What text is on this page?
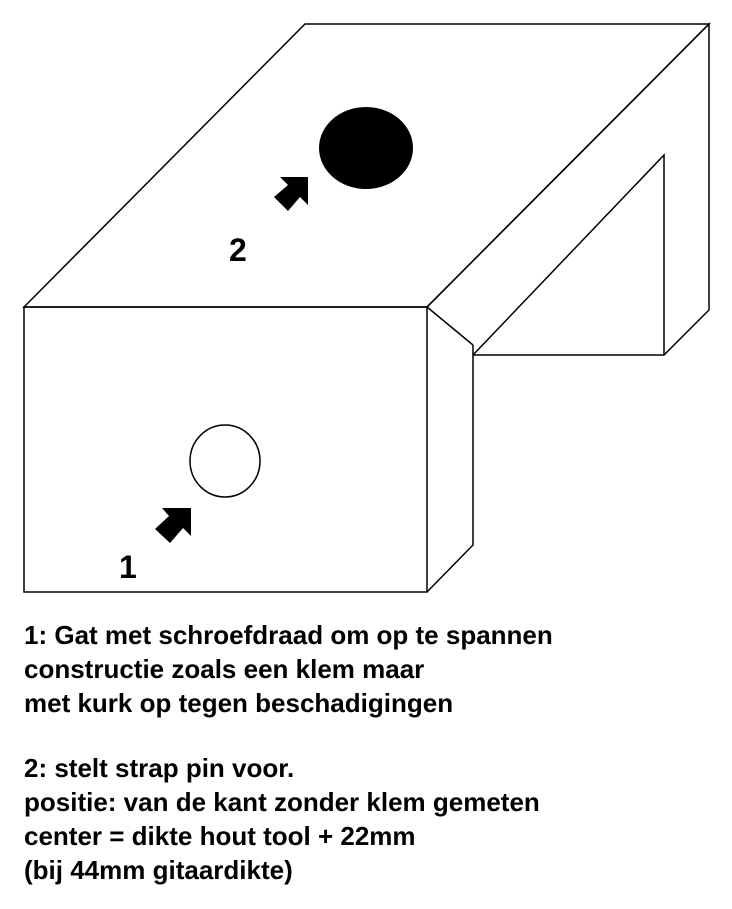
1
2
1: Gat met schroefdraad om op te spannen
constructie zoals een klem maar
met kurk op tegen beschadigingen
2: stelt strap pin voor.
positie: van de kant zonder klem gemeten
center = dikte hout tool + 22mm
(bij 44mm gitaardikte)
